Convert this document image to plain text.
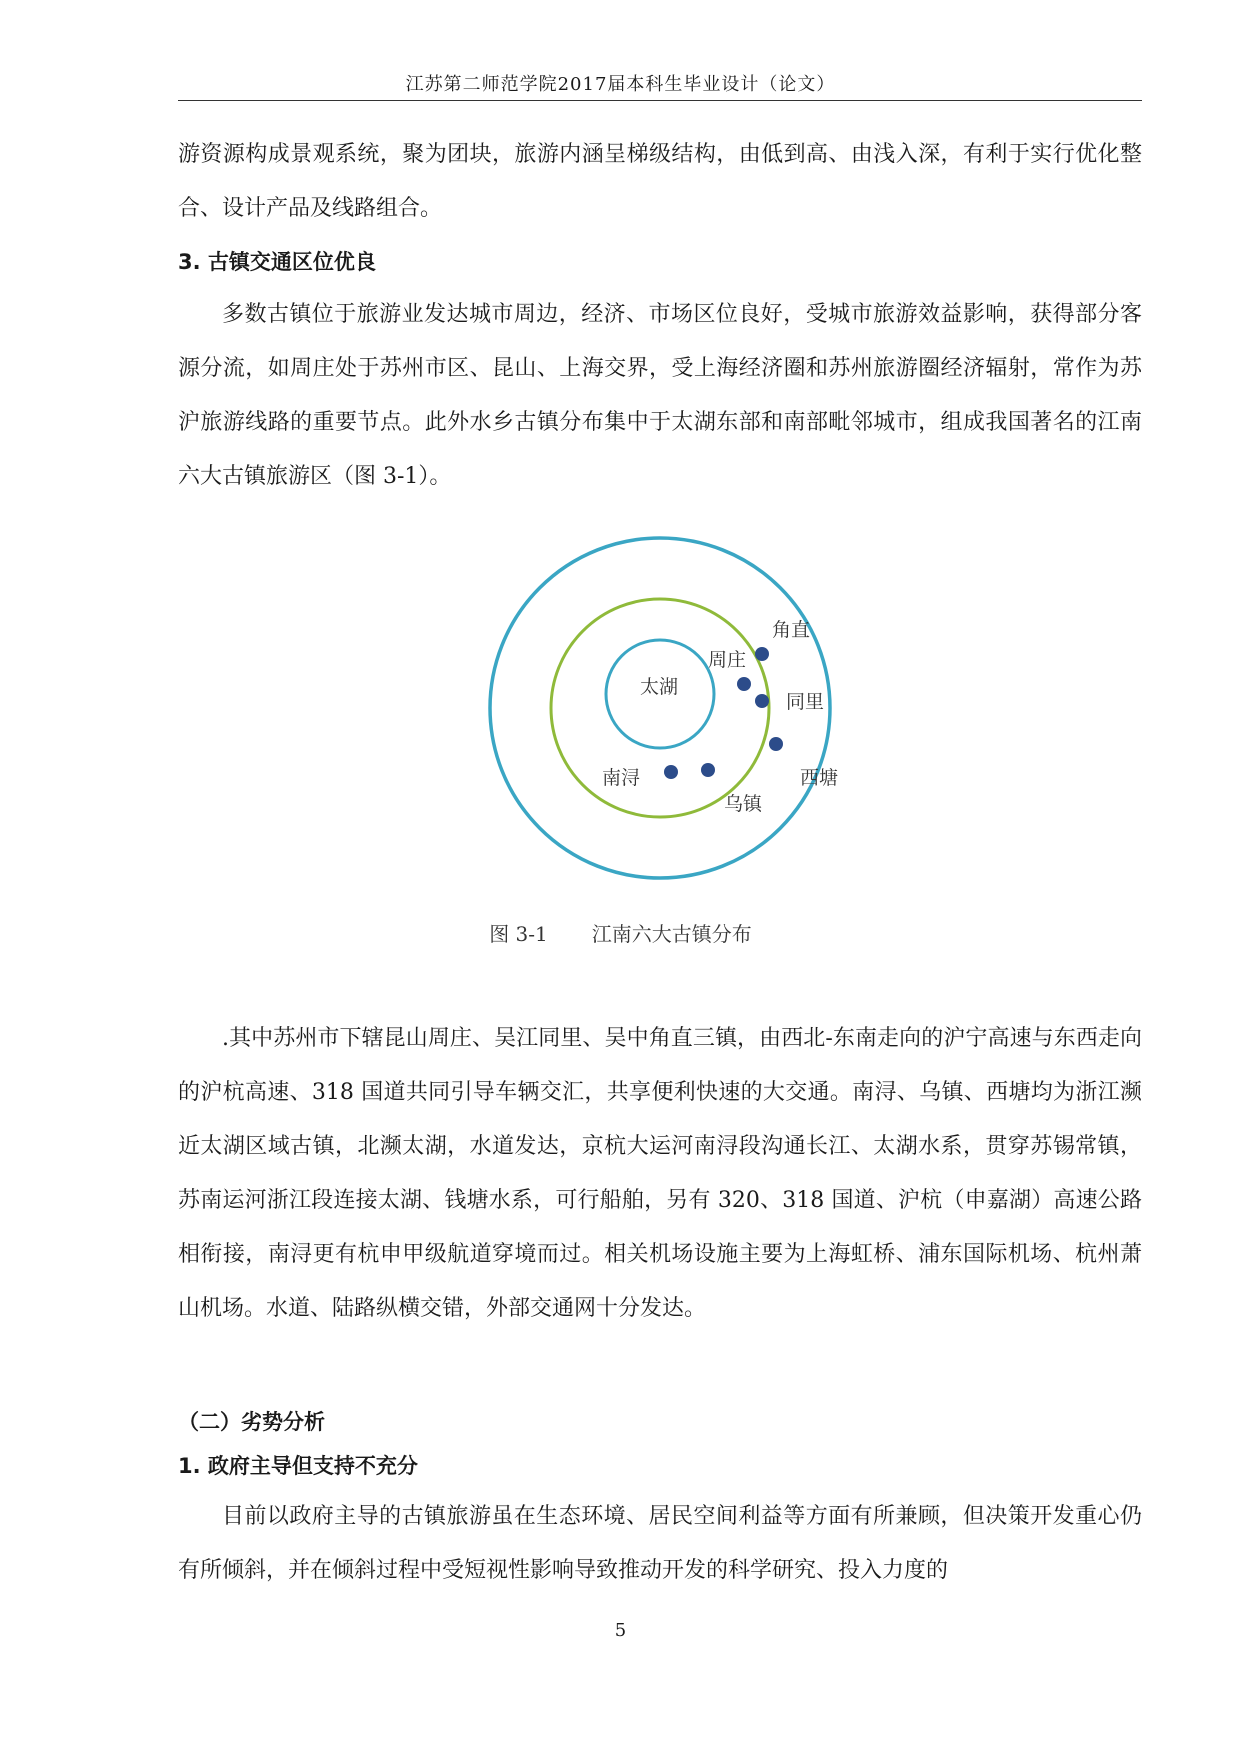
江苏第二师范学院2017届本科生毕业设计（论文）

游资源构成景观系统，聚为团块，旅游内涵呈梯级结构，由低到高、由浅入深，有利于实行优化整合、设计产品及线路组合。

3. 古镇交通区位优良

多数古镇位于旅游业发达城市周边，经济、市场区位良好，受城市旅游效益影响，获得部分客源分流，如周庄处于苏州市区、昆山、上海交界，受上海经济圈和苏州旅游圈经济辐射，常作为苏沪旅游线路的重要节点。此外水乡古镇分布集中于太湖东部和南部毗邻城市，组成我国著名的江南六大古镇旅游区（图 3-1）。

太湖
角直
周庄
同里
西塘
南浔
乌镇
图 3-1 江南六大古镇分布

.其中苏州市下辖昆山周庄、吴江同里、吴中角直三镇，由西北-东南走向的沪宁高速与东西走向的沪杭高速、318 国道共同引导车辆交汇，共享便利快速的大交通。南浔、乌镇、西塘均为浙江濒近太湖区域古镇，北濒太湖，水道发达，京杭大运河南浔段沟通长江、太湖水系，贯穿苏锡常镇，苏南运河浙江段连接太湖、钱塘水系，可行船舶，另有 320、318 国道、沪杭（申嘉湖）高速公路相衔接，南浔更有杭申甲级航道穿境而过。相关机场设施主要为上海虹桥、浦东国际机场、杭州萧山机场。水道、陆路纵横交错，外部交通网十分发达。

（二）劣势分析
1. 政府主导但支持不充分

目前以政府主导的古镇旅游虽在生态环境、居民空间利益等方面有所兼顾，但决策开发重心仍有所倾斜，并在倾斜过程中受短视性影响导致推动开发的科学研究、投入力度的

5
